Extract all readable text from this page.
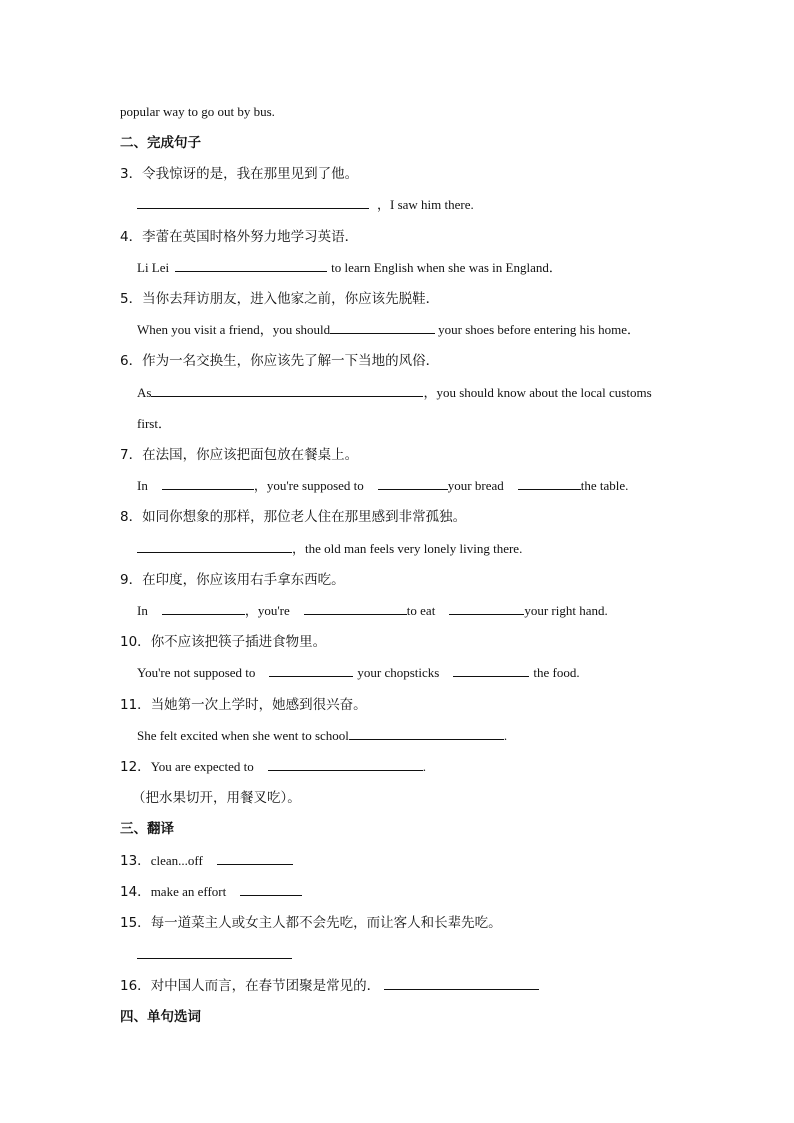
popular way to go out by bus.
二、完成句子
3．令我惊讶的是，我在那里见到了他。
，I saw him there.
4．李蕾在英国时格外努力地学习英语．
Li Lei	to learn English when she was in England．
5．当你去拜访朋友，进入他家之前，你应该先脱鞋．
When you visit a friend，you should	your shoes before entering his home．
6．作为一名交换生，你应该先了解一下当地的风俗．
As	，you should know about the local customs
first．
7．在法国，你应该把面包放在餐桌上。
In	，you're supposed to	your bread	the table.
8．如同你想象的那样，那位老人住在那里感到非常孤独。
，the old man feels very lonely living there.
9．在印度，你应该用右手拿东西吃。
In	，you're	to eat	your right hand.
10．你不应该把筷子插进食物里。
You're not supposed to	your chopsticks	the food.
11．当她第一次上学时，她感到很兴奋。
She felt excited when she went to school	.
12．You are expected to	.
（把水果切开，用餐叉吃）。
三、翻译
13．clean...off
14．make an effort
15．每一道菜主人或女主人都不会先吃，而让客人和长辈先吃。
16．对中国人而言，在春节团聚是常见的．
四、单句选词
